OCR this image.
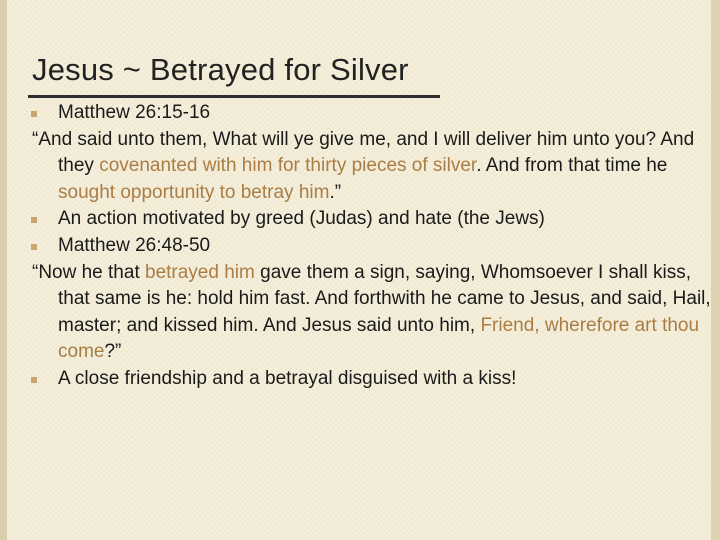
Jesus ~ Betrayed for Silver

Matthew 26:15-16

“And said unto them, What will ye give me, and I will deliver him unto you? And they covenanted with him for thirty pieces of silver. And from that time he sought opportunity to betray him.”

An action motivated by greed (Judas) and hate (the Jews)

Matthew 26:48-50

“Now he that betrayed him gave them a sign, saying, Whomsoever I shall kiss, that same is he: hold him fast. And forthwith he came to Jesus, and said, Hail, master; and kissed him. And Jesus said unto him, Friend, wherefore art thou come?”

A close friendship and a betrayal disguised with a kiss!
